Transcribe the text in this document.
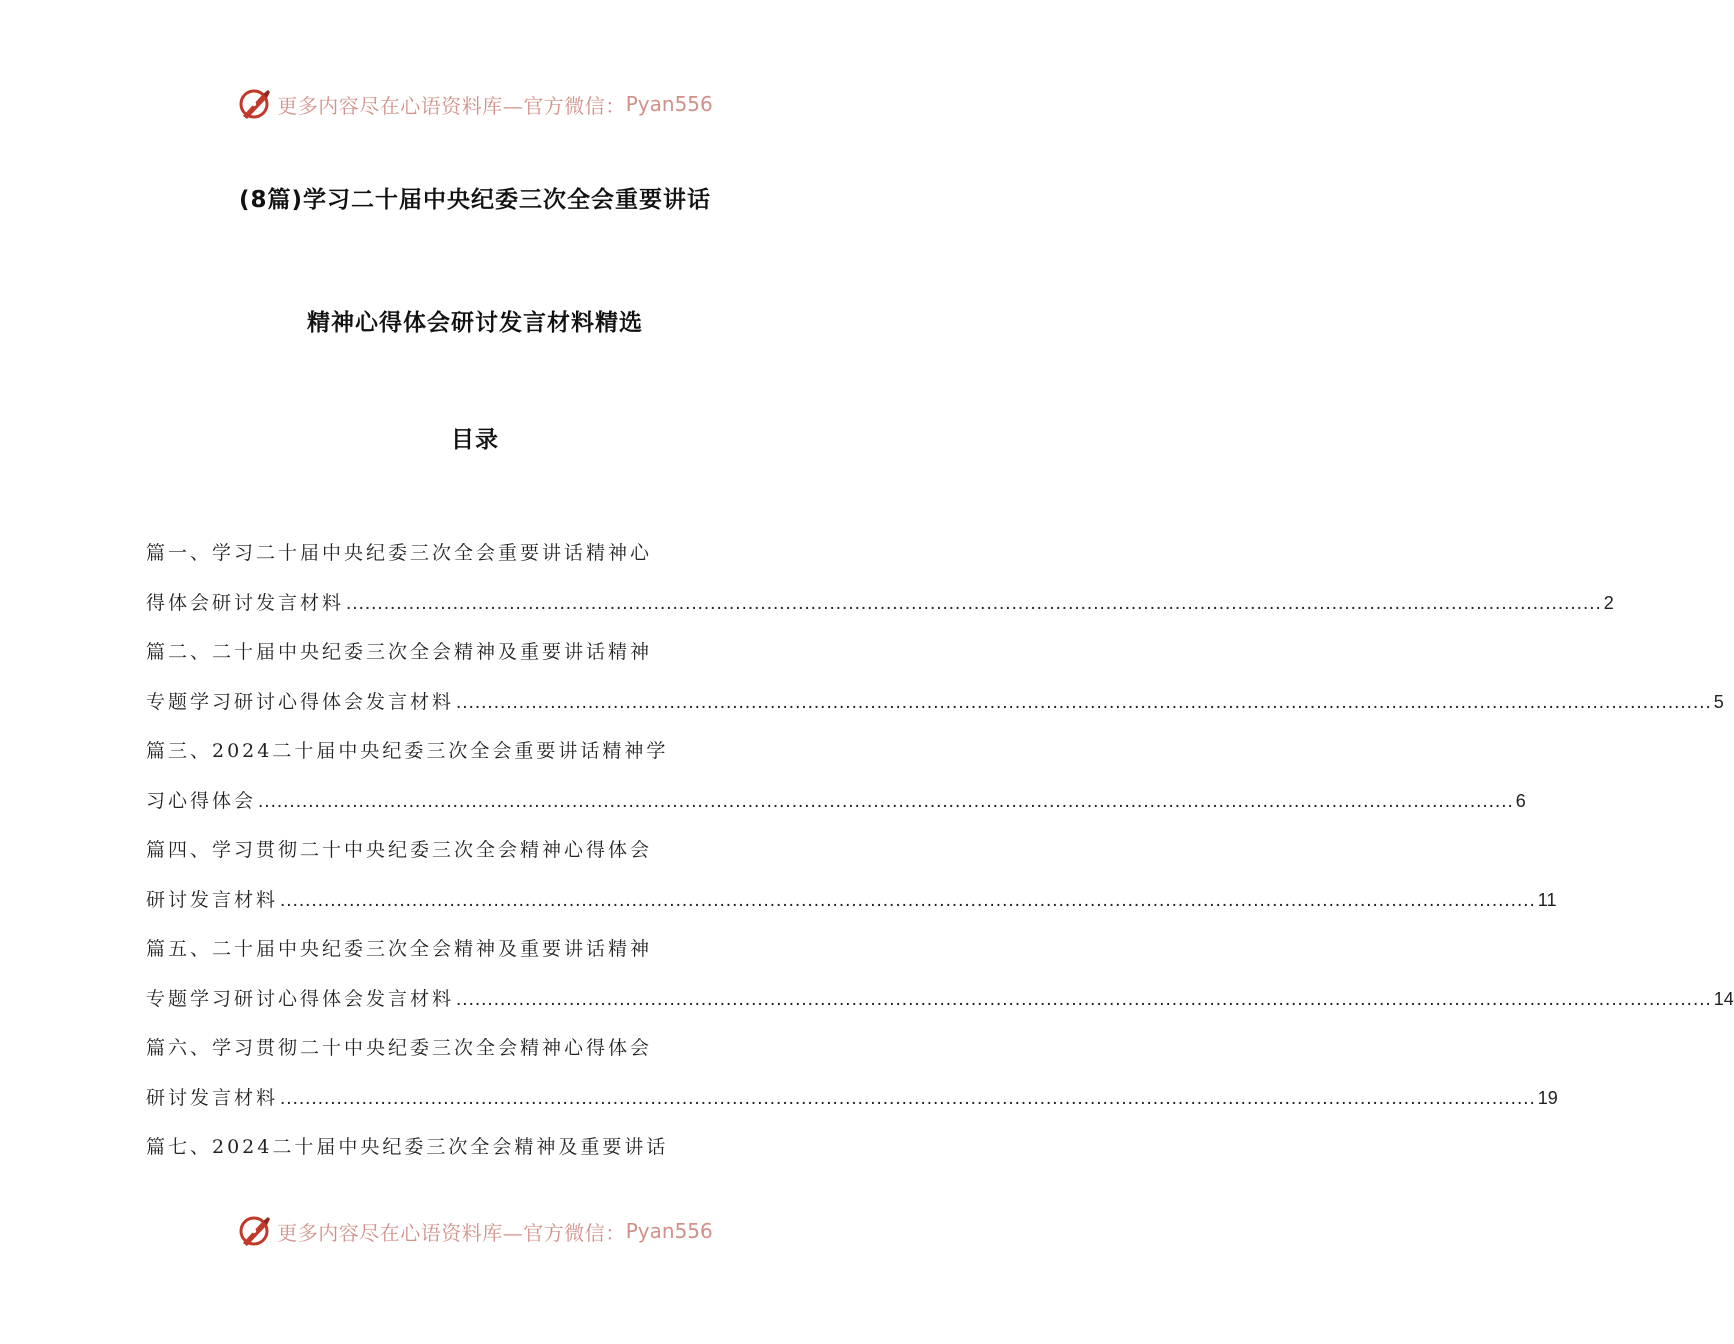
更多内容尽在心语资料库—官方微信： Pyan556
(8篇)学习二十届中央纪委三次全会重要讲话
精神心得体会研讨发言材料精选
目录
篇一、学习二十届中央纪委三次全会重要讲话精神心
得体会研讨发言材料 ........................................................................................................................................................................................................ 2
篇二、二十届中央纪委三次全会精神及重要讲话精神
专题学习研讨心得体会发言材料 ........................................................................................................................................................................................................ 5
篇三、2024二十届中央纪委三次全会重要讲话精神学
习心得体会 ........................................................................................................................................................................................................ 6
篇四、学习贯彻二十中央纪委三次全会精神心得体会
研讨发言材料 ........................................................................................................................................................................................................ 11
篇五、二十届中央纪委三次全会精神及重要讲话精神
专题学习研讨心得体会发言材料 ........................................................................................................................................................................................................ 14
篇六、学习贯彻二十中央纪委三次全会精神心得体会
研讨发言材料 ........................................................................................................................................................................................................ 19
篇七、2024二十届中央纪委三次全会精神及重要讲话
更多内容尽在心语资料库—官方微信： Pyan556
